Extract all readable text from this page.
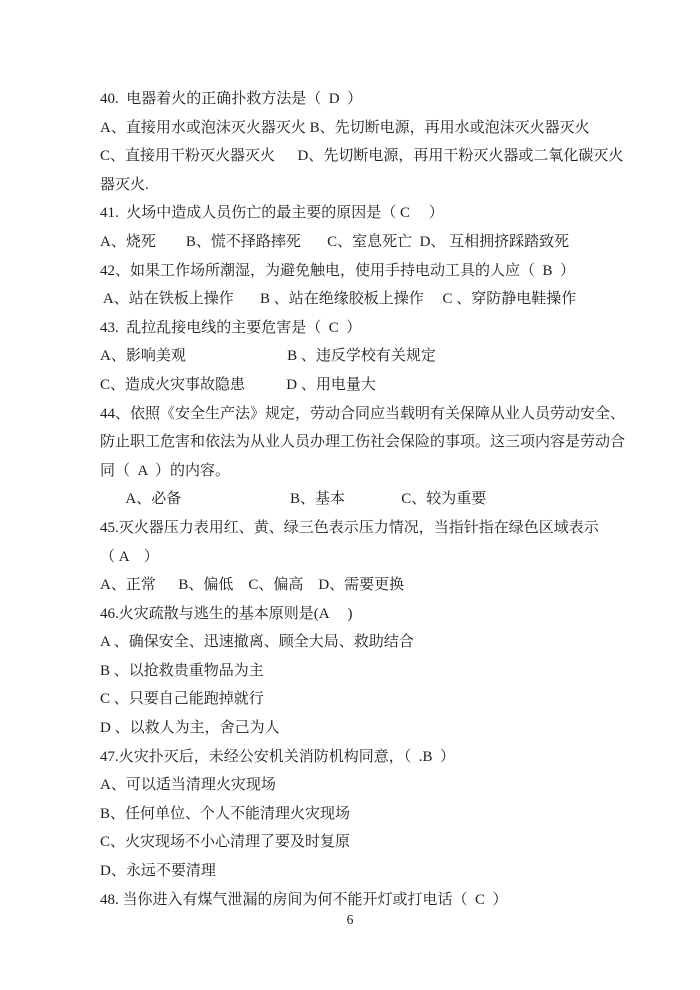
40.  电器着火的正确扑救方法是（  D  ）
A、直接用水或泡沫灭火器灭火 B、先切断电源，再用水或泡沫灭火器灭火
C、直接用干粉灭火器灭火      D、先切断电源，再用干粉灭火器或二氧化碳灭火
器灭火.
41.  火场中造成人员伤亡的最主要的原因是（ C     ）
A、烧死        B、慌不择路摔死       C、室息死亡  D、 互相拥挤踩踏致死
42、如果工作场所潮湿，为避免触电，使用手持电动工具的人应（  B  ）
A、站在铁板上操作       B 、站在绝缘胶板上操作     C 、穿防静电鞋操作
43.  乱拉乱接电线的主要危害是（  C  ）
A、影响美观                           B 、违反学校有关规定
C、造成火灾事故隐患           D 、用电量大
44、依照《安全生产法》规定，劳动合同应当载明有关保障从业人员劳动安全、
防止职工危害和依法为从业人员办理工伤社会保险的事项。这三项内容是劳动合
同（  A  ）的内容。
A、必备                             B、基本               C、较为重要
45.灭火器压力表用红、黄、绿三色表示压力情况，当指针指在绿色区域表示
（ A    ）
A、正常      B、偏低    C、偏高    D、需要更换
46.火灾疏散与逃生的基本原则是(A     )
A 、确保安全、迅速撤离、顾全大局、救助结合
B 、以抢救贵重物品为主
C 、只要自己能跑掉就行
D 、以救人为主，舍己为人
47.火灾扑灭后，未经公安机关消防机构同意，（  .B  ）
A、可以适当清理火灾现场
B、任何单位、个人不能清理火灾现场
C、火灾现场不小心清理了要及时复原
D、永远不要清理
48. 当你进入有煤气泄漏的房间为何不能开灯或打电话（  C  ）
6
